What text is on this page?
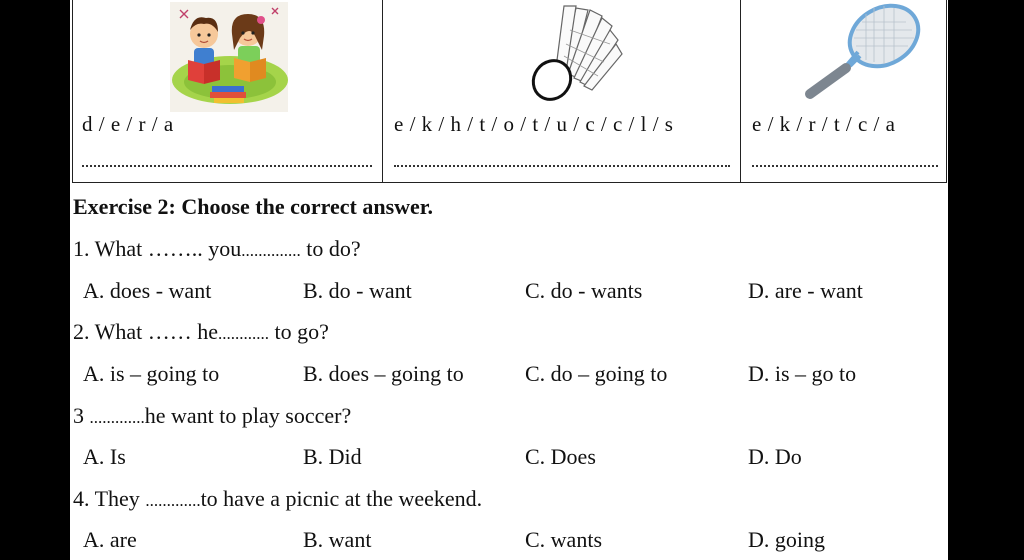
d / e / r / a	e / k / h / t / o / t / u / c / c / l / s	e / k / r / t / c / a
Exercise 2: Choose the correct answer.
1. What …….. you.............. to do?
A. does - want	B. do - want	C. do - wants	D. are - want
2. What …… he............ to go?
A. is – going to	B. does – going to	C. do – going to	D. is – go to
3 .............he want to play soccer?
A. Is	B. Did	C. Does	D. Do
4. They .............to have a picnic at the weekend.
A. are	B. want	C. wants	D. going
